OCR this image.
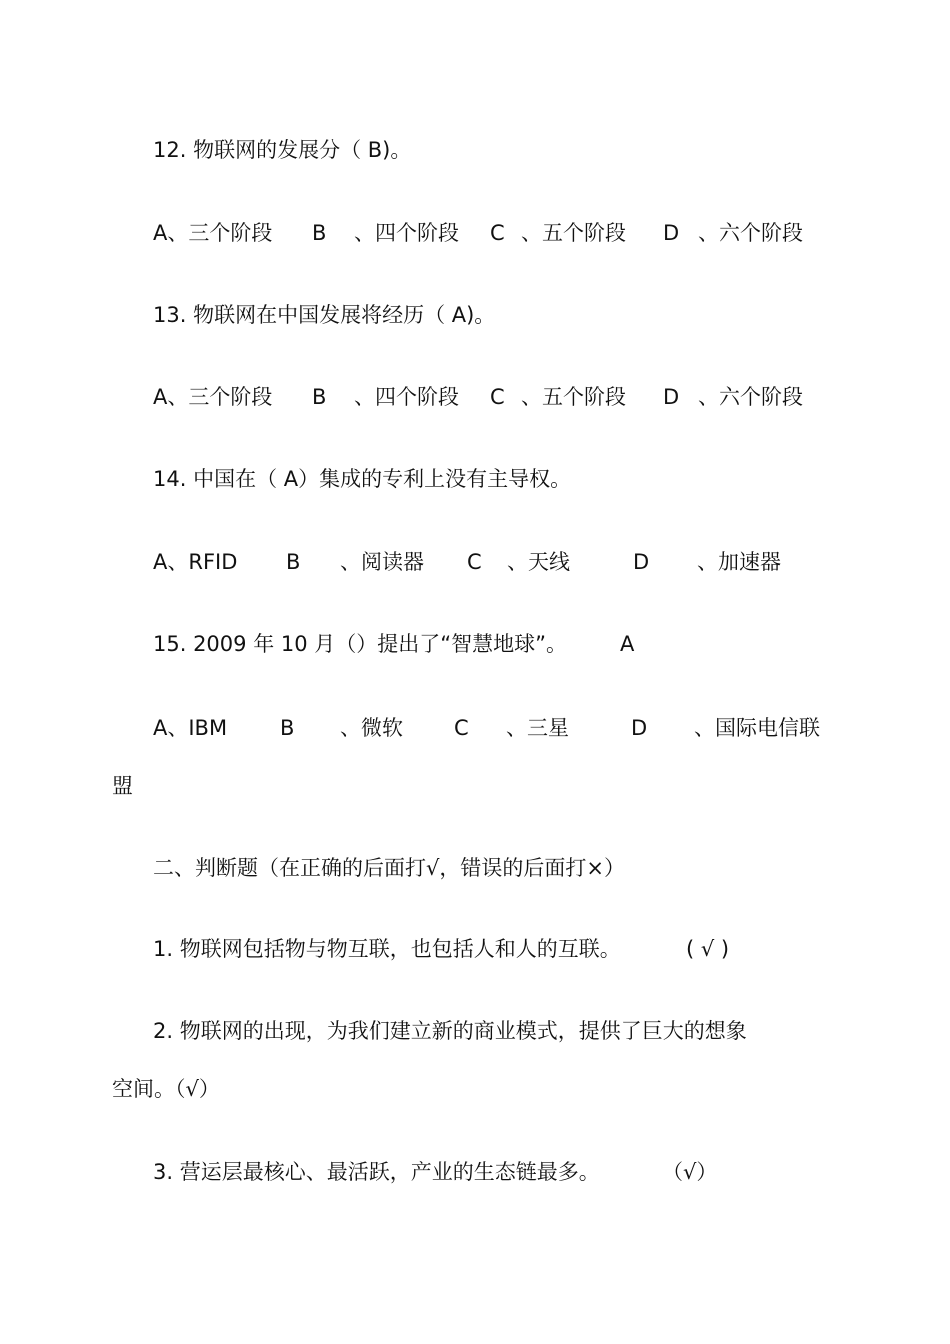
12. 物联网的发展分（ B)。
A、三个阶段 B 、四个阶段 C 、五个阶段 D 、六个阶段
13. 物联网在中国发展将经历（ A)。
A、三个阶段 B 、四个阶段 C 、五个阶段 D 、六个阶段
14. 中国在（ A）集成的专利上没有主导权。
A、RFID B 、阅读器 C 、天线	D 、加速器
15. 2009 年 10 月（）提出了“智慧地球”。	A
A、IBM	B 、微软 C 、三星	D 、国际电信联
盟
二、判断题（在正确的后面打√，错误的后面打×）
1. 物联网包括物与物互联，也包括人和人的互联。	( √ )
2. 物联网的出现，为我们建立新的商业模式，提供了巨大的想象
空间。（√）
3. 营运层最核心、最活跃，产业的生态链最多。	（√）
